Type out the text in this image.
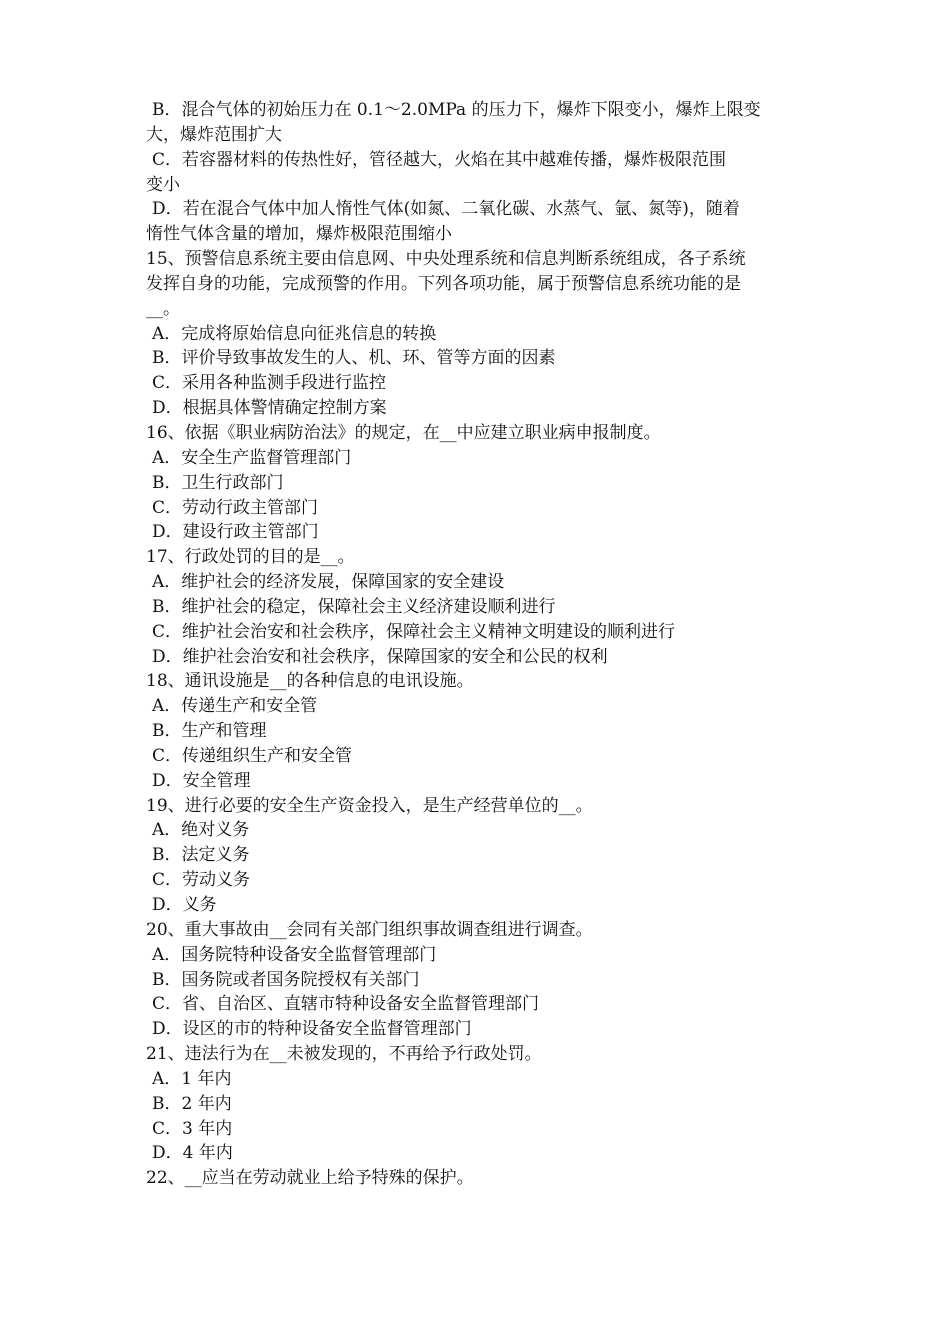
B．混合气体的初始压力在 0.1～2.0MPa 的压力下，爆炸下限变小，爆炸上限变

大，爆炸范围扩大

C．若容器材料的传热性好，管径越大，火焰在其中越难传播，爆炸极限范围

变小

D．若在混合气体中加人惰性气体(如氮、二氧化碳、水蒸气、氩、氮等)，随着

惰性气体含量的增加，爆炸极限范围缩小

15、预警信息系统主要由信息网、中央处理系统和信息判断系统组成，各子系统

发挥自身的功能，完成预警的作用。下列各项功能，属于预警信息系统功能的是

__。

A．完成将原始信息向征兆信息的转换

B．评价导致事故发生的人、机、环、管等方面的因素

C．采用各种监测手段进行监控

D．根据具体警情确定控制方案

16、依据《职业病防治法》的规定，在__中应建立职业病申报制度。

A．安全生产监督管理部门

B．卫生行政部门

C．劳动行政主管部门

D．建设行政主管部门

17、行政处罚的目的是__。

A．维护社会的经济发展，保障国家的安全建设

B．维护社会的稳定，保障社会主义经济建设顺利进行

C．维护社会治安和社会秩序，保障社会主义精神文明建设的顺利进行

D．维护社会治安和社会秩序，保障国家的安全和公民的权利

18、通讯设施是__的各种信息的电讯设施。

A．传递生产和安全管

B．生产和管理

C．传递组织生产和安全管

D．安全管理

19、进行必要的安全生产资金投入，是生产经营单位的__。

A．绝对义务

B．法定义务

C．劳动义务

D．义务

20、重大事故由__会同有关部门组织事故调查组进行调查。

A．国务院特种设备安全监督管理部门

B．国务院或者国务院授权有关部门

C．省、自治区、直辖市特种设备安全监督管理部门

D．设区的市的特种设备安全监督管理部门

21、违法行为在__未被发现的，不再给予行政处罚。

A．1 年内

B．2 年内

C．3 年内

D．4 年内

22、__应当在劳动就业上给予特殊的保护。
